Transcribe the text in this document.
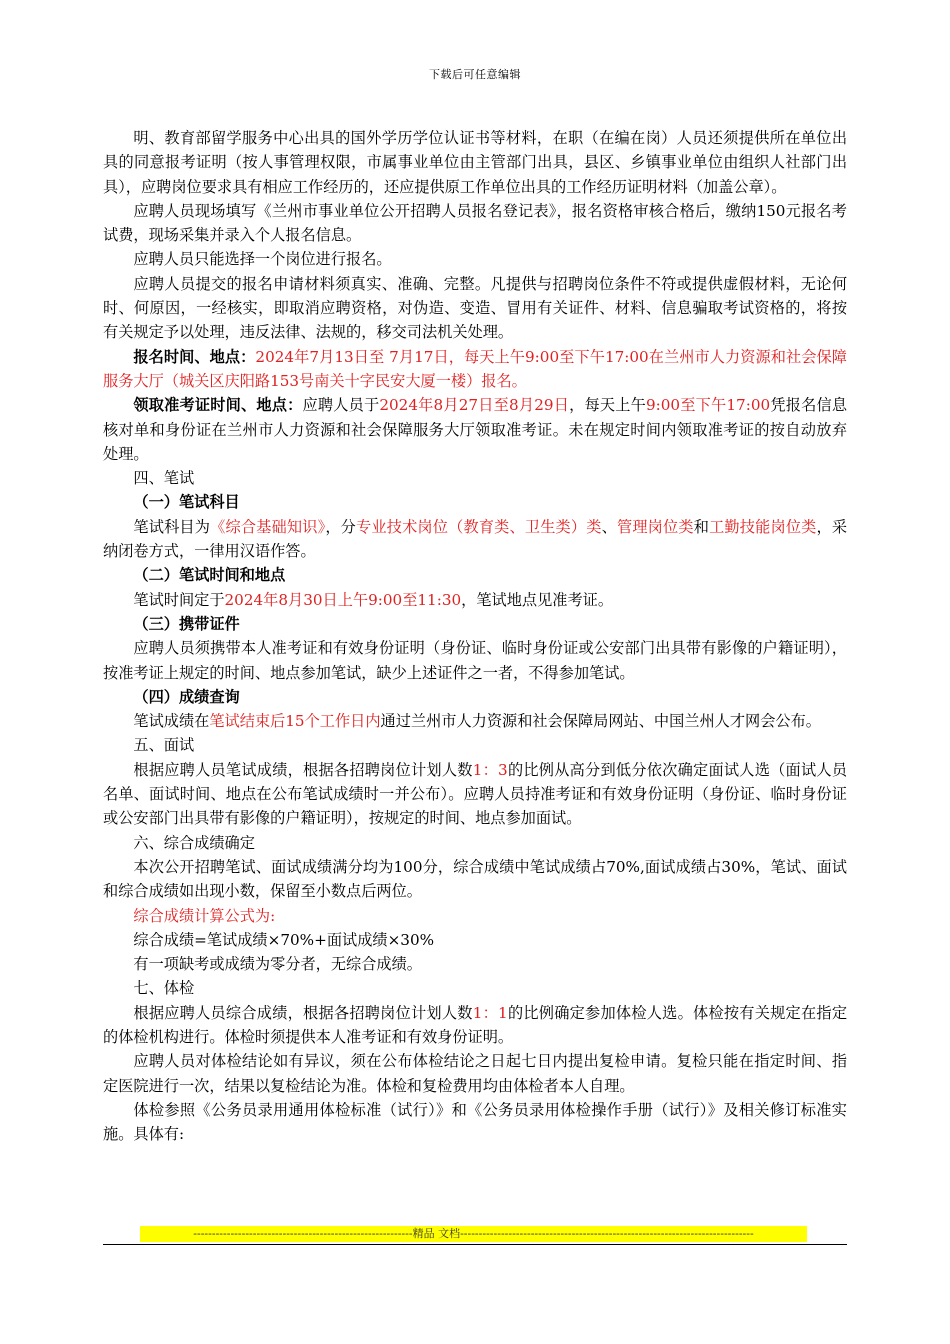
下载后可任意编辑

明、教育部留学服务中心出具的国外学历学位认证书等材料，在职（在编在岗）人员还须提供所在单位出具的同意报考证明（按人事管理权限，市属事业单位由主管部门出具，县区、乡镇事业单位由组织人社部门出具），应聘岗位要求具有相应工作经历的，还应提供原工作单位出具的工作经历证明材料（加盖公章）。

应聘人员现场填写《兰州市事业单位公开招聘人员报名登记表》，报名资格审核合格后，缴纳150元报名考试费，现场采集并录入个人报名信息。

应聘人员只能选择一个岗位进行报名。

应聘人员提交的报名申请材料须真实、准确、完整。凡提供与招聘岗位条件不符或提供虚假材料，无论何时、何原因，一经核实，即取消应聘资格，对伪造、变造、冒用有关证件、材料、信息骗取考试资格的，将按有关规定予以处理，违反法律、法规的，移交司法机关处理。

报名时间、地点：2024年7月13日至 7月17日，每天上午9:00至下午17:00在兰州市人力资源和社会保障服务大厅（城关区庆阳路153号南关十字民安大厦一楼）报名。

领取准考证时间、地点：应聘人员于2024年8月27日至8月29日，每天上午9:00至下午17:00凭报名信息核对单和身份证在兰州市人力资源和社会保障服务大厅领取准考证。未在规定时间内领取准考证的按自动放弃处理。

四、笔试

（一）笔试科目

笔试科目为《综合基础知识》，分专业技术岗位（教育类、卫生类）类、管理岗位类和工勤技能岗位类，采纳闭卷方式，一律用汉语作答。

（二）笔试时间和地点

笔试时间定于2024年8月30日上午9:00至11:30，笔试地点见准考证。

（三）携带证件

应聘人员须携带本人准考证和有效身份证明（身份证、临时身份证或公安部门出具带有影像的户籍证明），按准考证上规定的时间、地点参加笔试，缺少上述证件之一者，不得参加笔试。

（四）成绩查询

笔试成绩在笔试结束后15个工作日内通过兰州市人力资源和社会保障局网站、中国兰州人才网会公布。

五、面试

根据应聘人员笔试成绩，根据各招聘岗位计划人数1：3的比例从高分到低分依次确定面试人选（面试人员名单、面试时间、地点在公布笔试成绩时一并公布）。应聘人员持准考证和有效身份证明（身份证、临时身份证或公安部门出具带有影像的户籍证明），按规定的时间、地点参加面试。

六、综合成绩确定

本次公开招聘笔试、面试成绩满分均为100分，综合成绩中笔试成绩占70%,面试成绩占30%，笔试、面试和综合成绩如出现小数，保留至小数点后两位。

综合成绩计算公式为:

综合成绩=笔试成绩×70%+面试成绩×30%

有一项缺考或成绩为零分者，无综合成绩。

七、体检

根据应聘人员综合成绩，根据各招聘岗位计划人数1：1的比例确定参加体检人选。体检按有关规定在指定的体检机构进行。体检时须提供本人准考证和有效身份证明。

应聘人员对体检结论如有异议，须在公布体检结论之日起七日内提出复检申请。复检只能在指定时间、指定医院进行一次，结果以复检结论为准。体检和复检费用均由体检者本人自理。

体检参照《公务员录用通用体检标准（试行）》和《公务员录用体检操作手册（试行）》及相关修订标准实施。具体有:

-----------------------------------------------------------精品 文档-------------------------------------------------------------------------------
